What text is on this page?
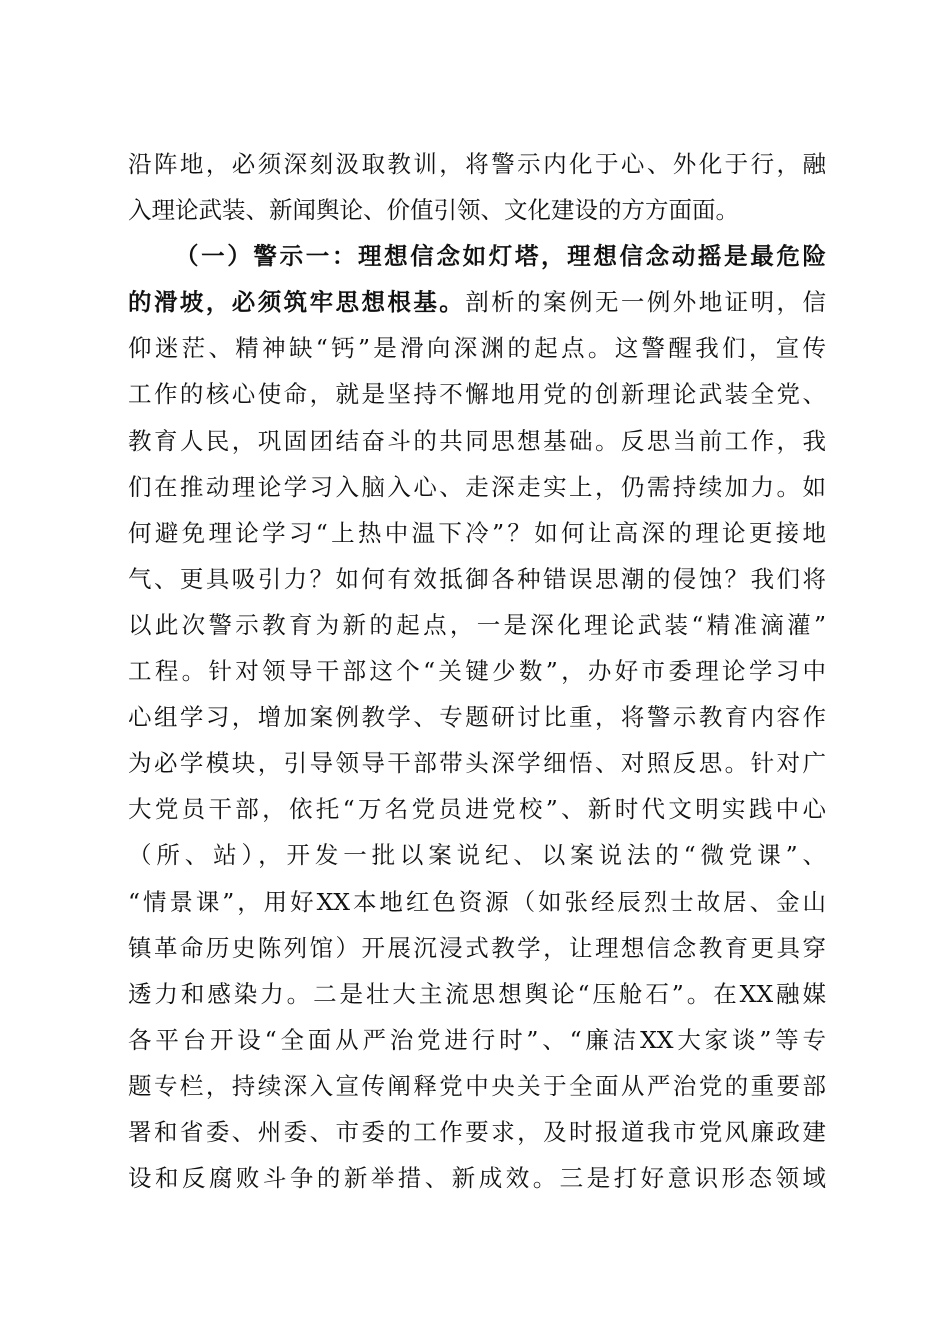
沿阵地，必须深刻汲取教训，将警示内化于心、外化于行，融
入理论武装、新闻舆论、价值引领、文化建设的方方面面。
（一）警示一：理想信念如灯塔，理想信念动摇是最危险
的滑坡，必须筑牢思想根基。剖析的案例无一例外地证明，信
仰迷茫、精神缺“钙”是滑向深渊的起点。这警醒我们，宣传
工作的核心使命，就是坚持不懈地用党的创新理论武装全党、
教育人民，巩固团结奋斗的共同思想基础。反思当前工作，我
们在推动理论学习入脑入心、走深走实上，仍需持续加力。如
何避免理论学习“上热中温下冷”？如何让高深的理论更接地
气、更具吸引力？如何有效抵御各种错误思潮的侵蚀？我们将
以此次警示教育为新的起点，一是深化理论武装“精准滴灌”
工程。针对领导干部这个“关键少数”，办好市委理论学习中
心组学习，增加案例教学、专题研讨比重，将警示教育内容作
为必学模块，引导领导干部带头深学细悟、对照反思。针对广
大党员干部，依托“万名党员进党校”、新时代文明实践中心
（所、站），开发一批以案说纪、以案说法的“微党课”、
“情景课”，用好XX本地红色资源（如张经辰烈士故居、金山
镇革命历史陈列馆）开展沉浸式教学，让理想信念教育更具穿
透力和感染力。二是壮大主流思想舆论“压舱石”。在XX融媒
各平台开设“全面从严治党进行时”、“廉洁XX大家谈”等专
题专栏，持续深入宣传阐释党中央关于全面从严治党的重要部
署和省委、州委、市委的工作要求，及时报道我市党风廉政建
设和反腐败斗争的新举措、新成效。三是打好意识形态领域
